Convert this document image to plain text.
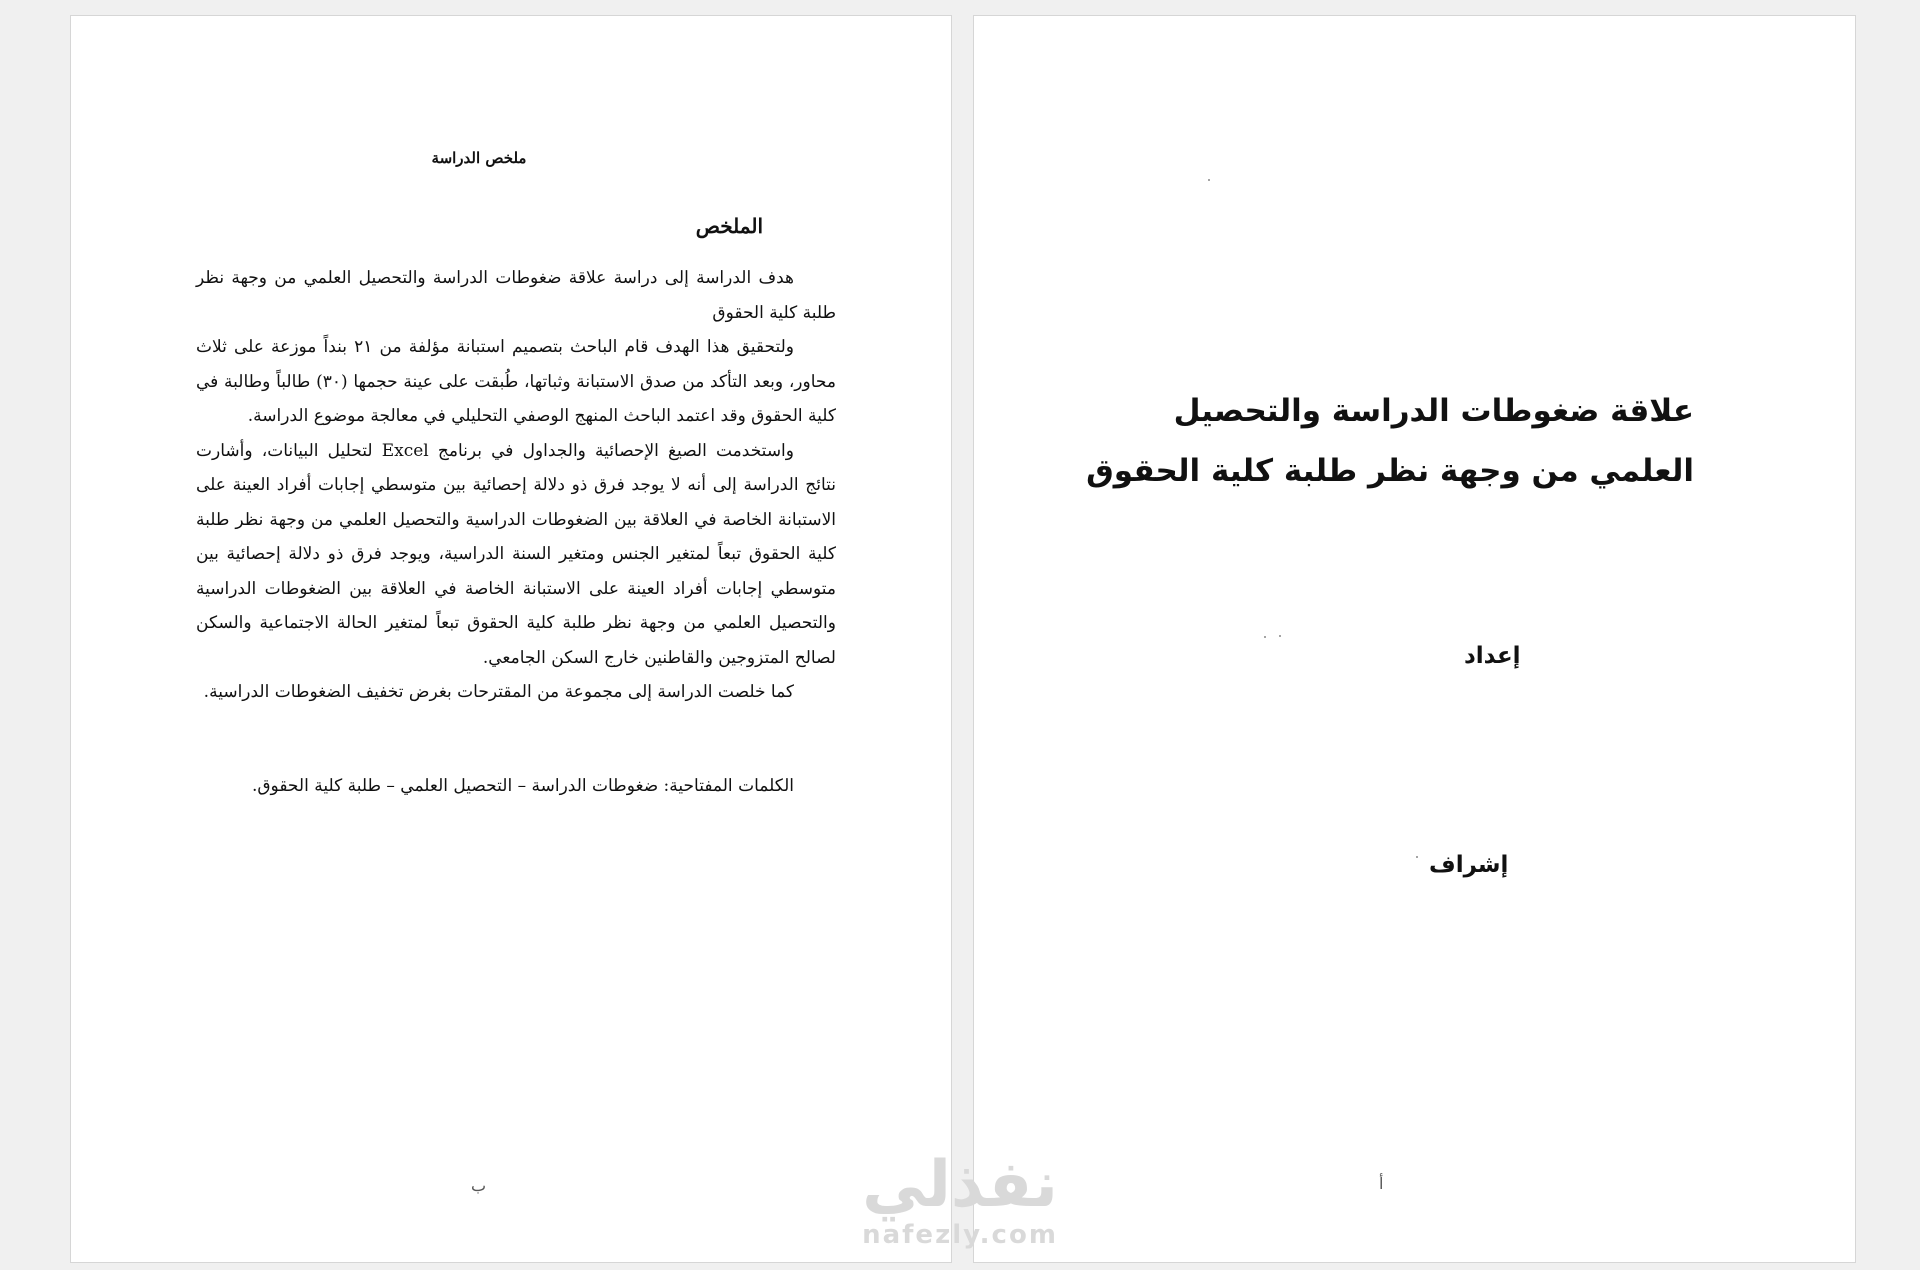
ملخص الدراسة
الملخص

هدف الدراسة إلى دراسة علاقة ضغوطات الدراسة والتحصيل العلمي من وجهة نظر طلبة كلية الحقوق

ولتحقيق هذا الهدف قام الباحث بتصميم استبانة مؤلفة من ٢١ بنداً موزعة على ثلاث محاور، وبعد التأكد من صدق الاستبانة وثباتها، طُبقت على عينة حجمها (٣٠) طالباً وطالبة في كلية الحقوق وقد اعتمد الباحث المنهج الوصفي التحليلي في معالجة موضوع الدراسة.

واستخدمت الصيغ الإحصائية والجداول في برنامج Excel لتحليل البيانات، وأشارت نتائج الدراسة إلى أنه لا يوجد فرق ذو دلالة إحصائية بين متوسطي إجابات أفراد العينة على الاستبانة الخاصة في العلاقة بين الضغوطات الدراسية والتحصيل العلمي من وجهة نظر طلبة كلية الحقوق تبعاً لمتغير الجنس ومتغير السنة الدراسية، ويوجد فرق ذو دلالة إحصائية بين متوسطي إجابات أفراد العينة على الاستبانة الخاصة في العلاقة بين الضغوطات الدراسية والتحصيل العلمي من وجهة نظر طلبة كلية الحقوق تبعاً لمتغير الحالة الاجتماعية والسكن لصالح المتزوجين والقاطنين خارج السكن الجامعي.

كما خلصت الدراسة إلى مجموعة من المقترحات بغرض تخفيف الضغوطات الدراسية.

الكلمات المفتاحية: ضغوطات الدراسة – التحصيل العلمي – طلبة كلية الحقوق.
ب
علاقة ضغوطات الدراسة والتحصيل العلمي من وجهة نظر طلبة كلية الحقوق
إعداد
إشراف
أ
نفذلي
nafezly.com
